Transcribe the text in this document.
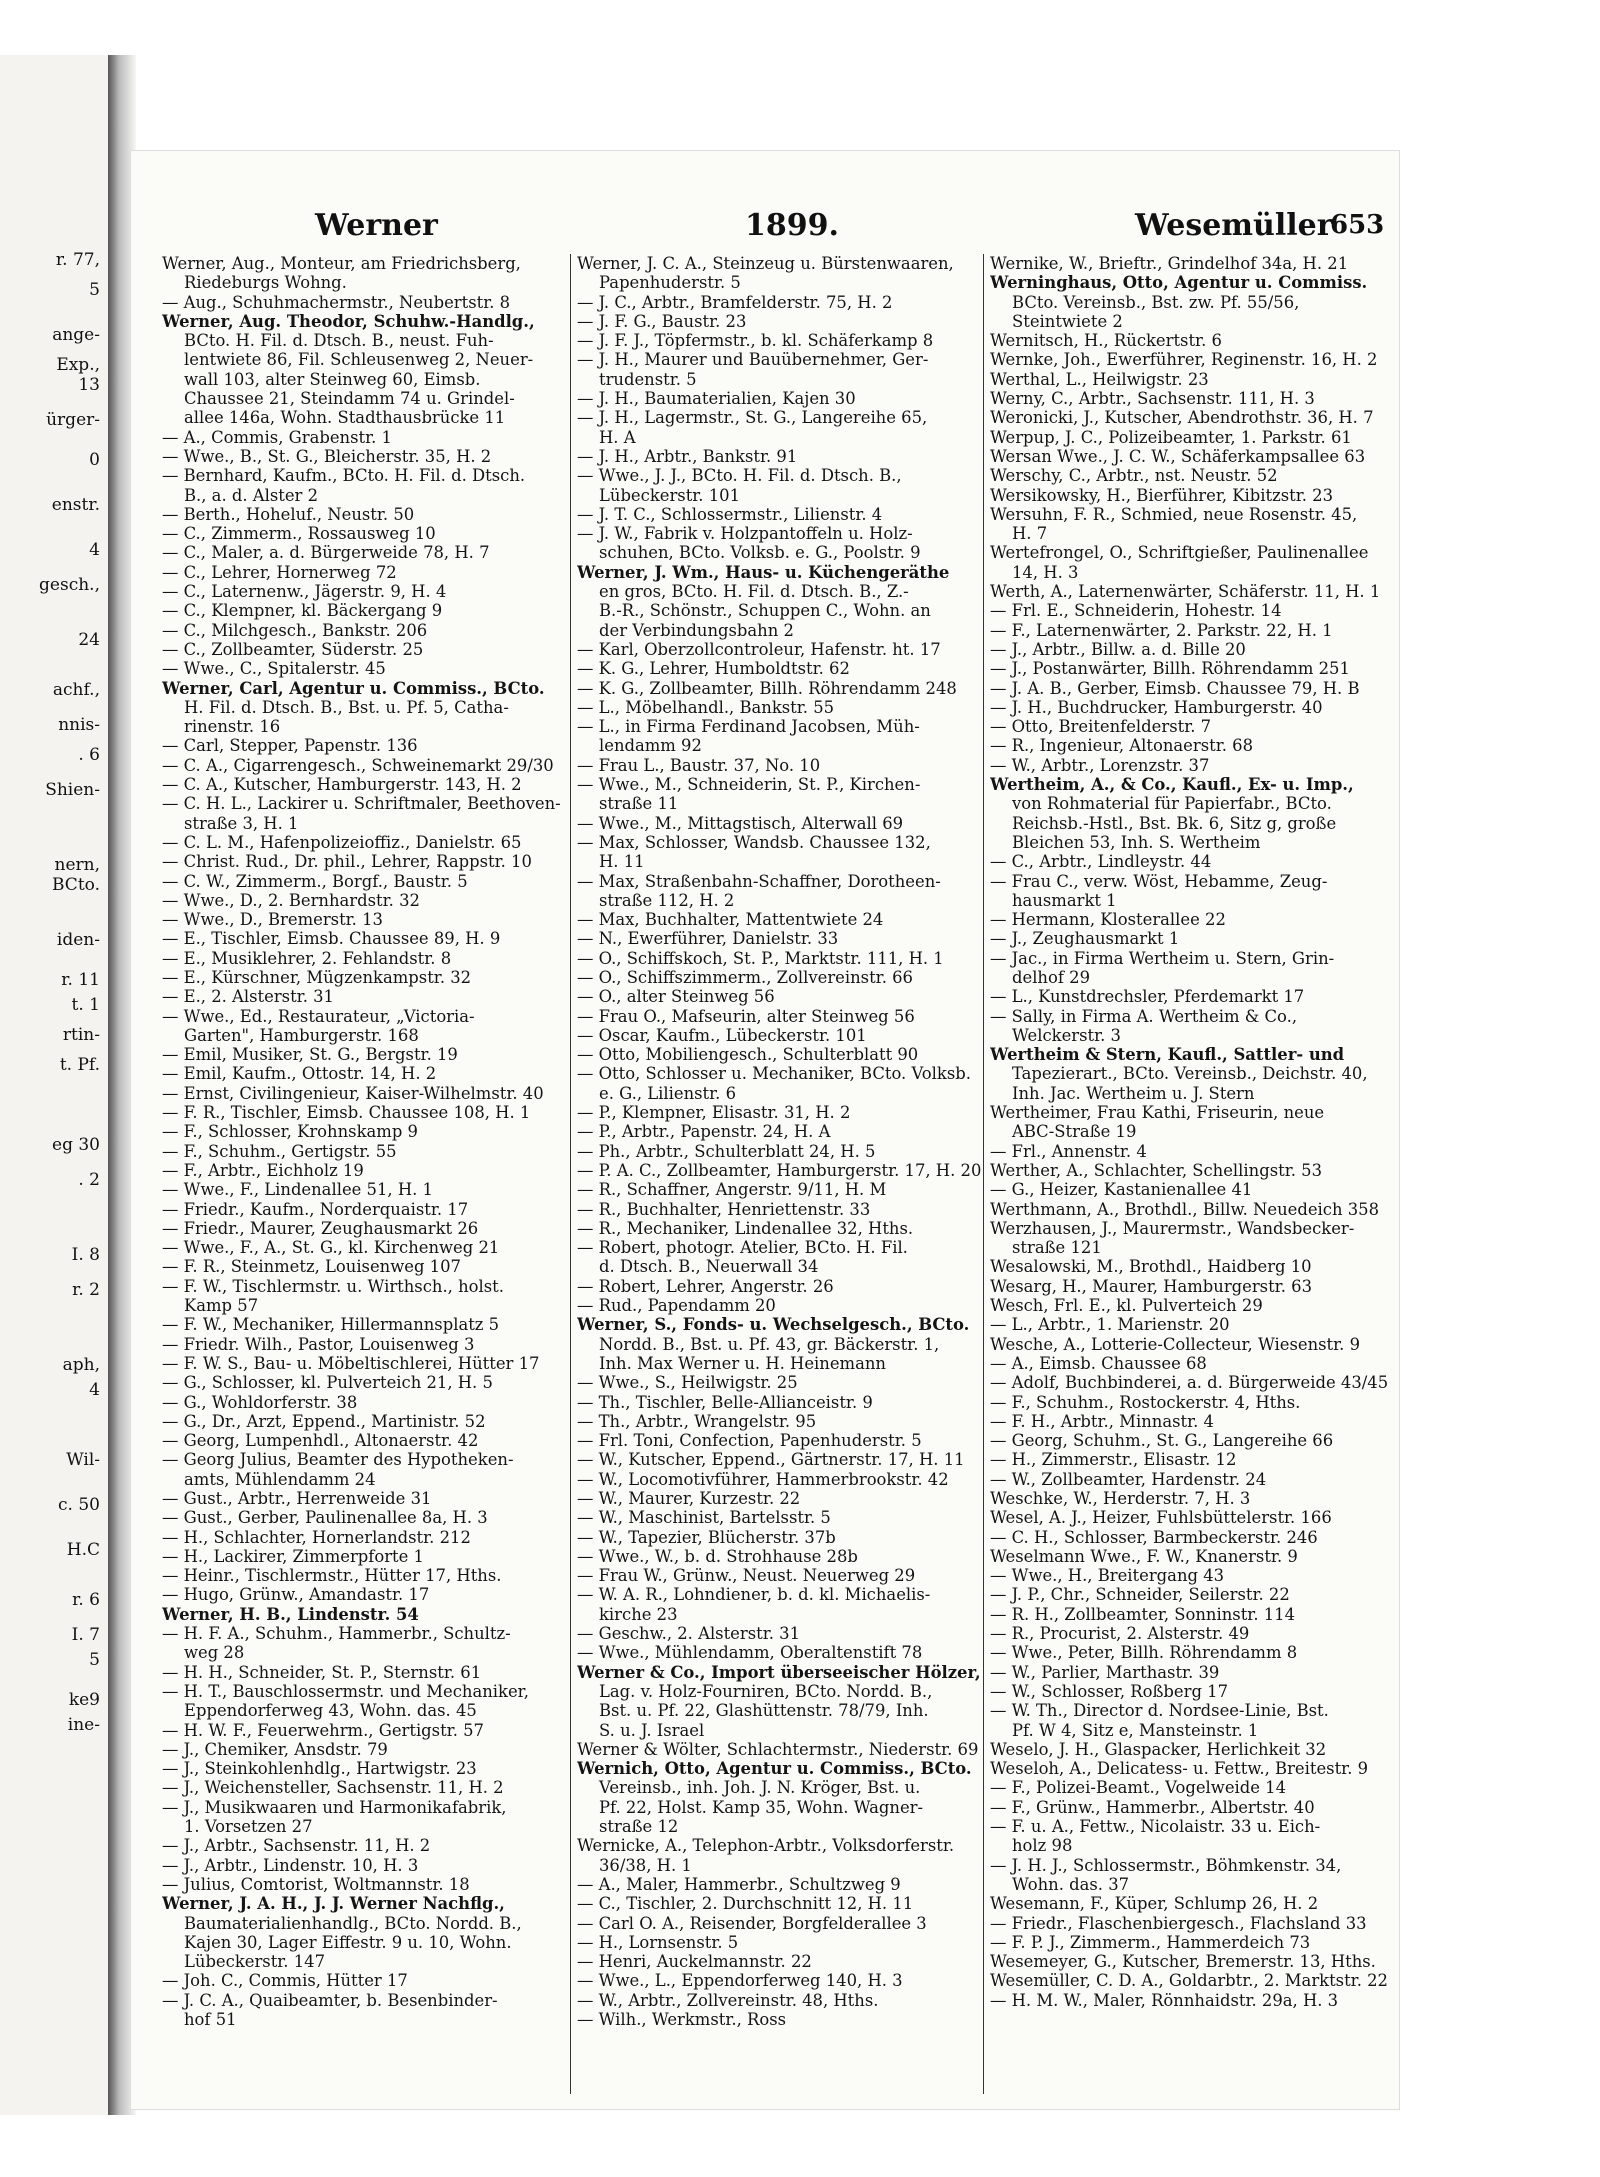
r. 77,
5
ange-
Exp.,
13
ürger-
0
enstr.
4
gesch.,
24
achf.,
nnis-
. 6
Shien-
nern,
BCto.
iden-
r. 11
t. 1
rtin-
t. Pf.
eg 30
. 2
I. 8
r. 2
aph,
4
Wil-
c. 50
H.C
r. 6
I. 7
5
ke9
ine-
Werner	1899.	Wesemüller
653
Werner, Aug., Monteur, am Friedrichsberg,
Riedeburgs Wohng.
— Aug., Schuhmachermstr., Neubertstr. 8
Werner, Aug. Theodor, Schuhw.-Handlg.,
BCto. H. Fil. d. Dtsch. B., neust. Fuh-
lentwiete 86, Fil. Schleusenweg 2, Neuer-
wall 103, alter Steinweg 60, Eimsb.
Chaussee 21, Steindamm 74 u. Grindel-
allee 146a, Wohn. Stadthausbrücke 11
— A., Commis, Grabenstr. 1
— Wwe., B., St. G., Bleicherstr. 35, H. 2
— Bernhard, Kaufm., BCto. H. Fil. d. Dtsch.
B., a. d. Alster 2
— Berth., Hoheluf., Neustr. 50
— C., Zimmerm., Rossausweg 10
— C., Maler, a. d. Bürgerweide 78, H. 7
— C., Lehrer, Hornerweg 72
— C., Laternenw., Jägerstr. 9, H. 4
— C., Klempner, kl. Bäckergang 9
— C., Milchgesch., Bankstr. 206
— C., Zollbeamter, Süderstr. 25
— Wwe., C., Spitalerstr. 45
Werner, Carl, Agentur u. Commiss., BCto.
H. Fil. d. Dtsch. B., Bst. u. Pf. 5, Catha-
rinenstr. 16
— Carl, Stepper, Papenstr. 136
— C. A., Cigarrengesch., Schweinemarkt 29/30
— C. A., Kutscher, Hamburgerstr. 143, H. 2
— C. H. L., Lackirer u. Schriftmaler, Beethoven-
straße 3, H. 1
— C. L. M., Hafenpolizeioffiz., Danielstr. 65
— Christ. Rud., Dr. phil., Lehrer, Rappstr. 10
— C. W., Zimmerm., Borgf., Baustr. 5
— Wwe., D., 2. Bernhardstr. 32
— Wwe., D., Bremerstr. 13
— E., Tischler, Eimsb. Chaussee 89, H. 9
— E., Musiklehrer, 2. Fehlandstr. 8
— E., Kürschner, Mügzenkampstr. 32
— E., 2. Alsterstr. 31
— Wwe., Ed., Restaurateur, „Victoria-
Garten", Hamburgerstr. 168
— Emil, Musiker, St. G., Bergstr. 19
— Emil, Kaufm., Ottostr. 14, H. 2
— Ernst, Civilingenieur, Kaiser-Wilhelmstr. 40
— F. R., Tischler, Eimsb. Chaussee 108, H. 1
— F., Schlosser, Krohnskamp 9
— F., Schuhm., Gertigstr. 55
— F., Arbtr., Eichholz 19
— Wwe., F., Lindenallee 51, H. 1
— Friedr., Kaufm., Norderquaistr. 17
— Friedr., Maurer, Zeughausmarkt 26
— Wwe., F., A., St. G., kl. Kirchenweg 21
— F. R., Steinmetz, Louisenweg 107
— F. W., Tischlermstr. u. Wirthsch., holst.
Kamp 57
— F. W., Mechaniker, Hillermannsplatz 5
— Friedr. Wilh., Pastor, Louisenweg 3
— F. W. S., Bau- u. Möbeltischlerei, Hütter 17
— G., Schlosser, kl. Pulverteich 21, H. 5
— G., Wohldorferstr. 38
— G., Dr., Arzt, Eppend., Martinistr. 52
— Georg, Lumpenhdl., Altonaerstr. 42
— Georg Julius, Beamter des Hypotheken-
amts, Mühlendamm 24
— Gust., Arbtr., Herrenweide 31
— Gust., Gerber, Paulinenallee 8a, H. 3
— H., Schlachter, Hornerlandstr. 212
— H., Lackirer, Zimmerpforte 1
— Heinr., Tischlermstr., Hütter 17, Hths.
— Hugo, Grünw., Amandastr. 17
Werner, H. B., Lindenstr. 54
— H. F. A., Schuhm., Hammerbr., Schultz-
weg 28
— H. H., Schneider, St. P., Sternstr. 61
— H. T., Bauschlossermstr. und Mechaniker,
Eppendorferweg 43, Wohn. das. 45
— H. W. F., Feuerwehrm., Gertigstr. 57
— J., Chemiker, Ansdstr. 79
— J., Steinkohlenhdlg., Hartwigstr. 23
— J., Weichensteller, Sachsenstr. 11, H. 2
— J., Musikwaaren und Harmonikafabrik,
1. Vorsetzen 27
— J., Arbtr., Sachsenstr. 11, H. 2
— J., Arbtr., Lindenstr. 10, H. 3
— Julius, Comtorist, Woltmannstr. 18
Werner, J. A. H., J. J. Werner Nachflg.,
Baumaterialienhandlg., BCto. Nordd. B.,
Kajen 30, Lager Eiffestr. 9 u. 10, Wohn.
Lübeckerstr. 147
— Joh. C., Commis, Hütter 17
— J. C. A., Quaibeamter, b. Besenbinder-
hof 51
Werner, J. C. A., Steinzeug u. Bürstenwaaren,
Papenhuderstr. 5
— J. C., Arbtr., Bramfelderstr. 75, H. 2
— J. F. G., Baustr. 23
— J. F. J., Töpfermstr., b. kl. Schäferkamp 8
— J. H., Maurer und Bauübernehmer, Ger-
trudenstr. 5
— J. H., Baumaterialien, Kajen 30
— J. H., Lagermstr., St. G., Langereihe 65,
H. A
— J. H., Arbtr., Bankstr. 91
— Wwe., J. J., BCto. H. Fil. d. Dtsch. B.,
Lübeckerstr. 101
— J. T. C., Schlossermstr., Lilienstr. 4
— J. W., Fabrik v. Holzpantoffeln u. Holz-
schuhen, BCto. Volksb. e. G., Poolstr. 9
Werner, J. Wm., Haus- u. Küchengeräthe
en gros, BCto. H. Fil. d. Dtsch. B., Z.-
B.-R., Schönstr., Schuppen C., Wohn. an
der Verbindungsbahn 2
— Karl, Oberzollcontroleur, Hafenstr. ht. 17
— K. G., Lehrer, Humboldtstr. 62
— K. G., Zollbeamter, Billh. Röhrendamm 248
— L., Möbelhandl., Bankstr. 55
— L., in Firma Ferdinand Jacobsen, Müh-
lendamm 92
— Frau L., Baustr. 37, No. 10
— Wwe., M., Schneiderin, St. P., Kirchen-
straße 11
— Wwe., M., Mittagstisch, Alterwall 69
— Max, Schlosser, Wandsb. Chaussee 132,
H. 11
— Max, Straßenbahn-Schaffner, Dorotheen-
straße 112, H. 2
— Max, Buchhalter, Mattentwiete 24
— N., Ewerführer, Danielstr. 33
— O., Schiffskoch, St. P., Marktstr. 111, H. 1
— O., Schiffszimmerm., Zollvereinstr. 66
— O., alter Steinweg 56
— Frau O., Mafseurin, alter Steinweg 56
— Oscar, Kaufm., Lübeckerstr. 101
— Otto, Mobiliengesch., Schulterblatt 90
— Otto, Schlosser u. Mechaniker, BCto. Volksb.
e. G., Lilienstr. 6
— P., Klempner, Elisastr. 31, H. 2
— P., Arbtr., Papenstr. 24, H. A
— Ph., Arbtr., Schulterblatt 24, H. 5
— P. A. C., Zollbeamter, Hamburgerstr. 17, H. 20
— R., Schaffner, Angerstr. 9/11, H. M
— R., Buchhalter, Henriettenstr. 33
— R., Mechaniker, Lindenallee 32, Hths.
— Robert, photogr. Atelier, BCto. H. Fil.
d. Dtsch. B., Neuerwall 34
— Robert, Lehrer, Angerstr. 26
— Rud., Papendamm 20
Werner, S., Fonds- u. Wechselgesch., BCto.
Nordd. B., Bst. u. Pf. 43, gr. Bäckerstr. 1,
Inh. Max Werner u. H. Heinemann
— Wwe., S., Heilwigstr. 25
— Th., Tischler, Belle-Allianceistr. 9
— Th., Arbtr., Wrangelstr. 95
— Frl. Toni, Confection, Papenhuderstr. 5
— W., Kutscher, Eppend., Gärtnerstr. 17, H. 11
— W., Locomotivführer, Hammerbrookstr. 42
— W., Maurer, Kurzestr. 22
— W., Maschinist, Bartelsstr. 5
— W., Tapezier, Blücherstr. 37b
— Wwe., W., b. d. Strohhause 28b
— Frau W., Grünw., Neust. Neuerweg 29
— W. A. R., Lohndiener, b. d. kl. Michaelis-
kirche 23
— Geschw., 2. Alsterstr. 31
— Wwe., Mühlendamm, Oberaltenstift 78
Werner & Co., Import überseeischer Hölzer,
Lag. v. Holz-Fourniren, BCto. Nordd. B.,
Bst. u. Pf. 22, Glashüttenstr. 78/79, Inh.
S. u. J. Israel
Werner & Wölter, Schlachtermstr., Niederstr. 69
Wernich, Otto, Agentur u. Commiss., BCto.
Vereinsb., inh. Joh. J. N. Kröger, Bst. u.
Pf. 22, Holst. Kamp 35, Wohn. Wagner-
straße 12
Wernicke, A., Telephon-Arbtr., Volksdorferstr.
36/38, H. 1
— A., Maler, Hammerbr., Schultzweg 9
— C., Tischler, 2. Durchschnitt 12, H. 11
— Carl O. A., Reisender, Borgfelderallee 3
— H., Lornsenstr. 5
— Henri, Auckelmannstr. 22
— Wwe., L., Eppendorferweg 140, H. 3
— W., Arbtr., Zollvereinstr. 48, Hths.
— Wilh., Werkmstr., Ross
Wernike, W., Brieftr., Grindelhof 34a, H. 21
Werninghaus, Otto, Agentur u. Commiss.
BCto. Vereinsb., Bst. zw. Pf. 55/56,
Steintwiete 2
Wernitsch, H., Rückertstr. 6
Wernke, Joh., Ewerführer, Reginenstr. 16, H. 2
Werthal, L., Heilwigstr. 23
Werny, C., Arbtr., Sachsenstr. 111, H. 3
Weronicki, J., Kutscher, Abendrothstr. 36, H. 7
Werpup, J. C., Polizeibeamter, 1. Parkstr. 61
Wersan Wwe., J. C. W., Schäferkampsallee 63
Werschy, C., Arbtr., nst. Neustr. 52
Wersikowsky, H., Bierführer, Kibitzstr. 23
Wersuhn, F. R., Schmied, neue Rosenstr. 45,
H. 7
Wertefrongel, O., Schriftgießer, Paulinenallee
14, H. 3
Werth, A., Laternenwärter, Schäferstr. 11, H. 1
— Frl. E., Schneiderin, Hohestr. 14
— F., Laternenwärter, 2. Parkstr. 22, H. 1
— J., Arbtr., Billw. a. d. Bille 20
— J., Postanwärter, Billh. Röhrendamm 251
— J. A. B., Gerber, Eimsb. Chaussee 79, H. B
— J. H., Buchdrucker, Hamburgerstr. 40
— Otto, Breitenfelderstr. 7
— R., Ingenieur, Altonaerstr. 68
— W., Arbtr., Lorenzstr. 37
Wertheim, A., & Co., Kaufl., Ex- u. Imp.,
von Rohmaterial für Papierfabr., BCto.
Reichsb.-Hstl., Bst. Bk. 6, Sitz g, große
Bleichen 53, Inh. S. Wertheim
— C., Arbtr., Lindleystr. 44
— Frau C., verw. Wöst, Hebamme, Zeug-
hausmarkt 1
— Hermann, Klosterallee 22
— J., Zeughausmarkt 1
— Jac., in Firma Wertheim u. Stern, Grin-
delhof 29
— L., Kunstdrechsler, Pferdemarkt 17
— Sally, in Firma A. Wertheim & Co.,
Welckerstr. 3
Wertheim & Stern, Kaufl., Sattler- und
Tapezierart., BCto. Vereinsb., Deichstr. 40,
Inh. Jac. Wertheim u. J. Stern
Wertheimer, Frau Kathi, Friseurin, neue
ABC-Straße 19
— Frl., Annenstr. 4
Werther, A., Schlachter, Schellingstr. 53
— G., Heizer, Kastanienallee 41
Werthmann, A., Brothdl., Billw. Neuedeich 358
Werzhausen, J., Maurermstr., Wandsbecker-
straße 121
Wesalowski, M., Brothdl., Haidberg 10
Wesarg, H., Maurer, Hamburgerstr. 63
Wesch, Frl. E., kl. Pulverteich 29
— L., Arbtr., 1. Marienstr. 20
Wesche, A., Lotterie-Collecteur, Wiesenstr. 9
— A., Eimsb. Chaussee 68
— Adolf, Buchbinderei, a. d. Bürgerweide 43/45
— F., Schuhm., Rostockerstr. 4, Hths.
— F. H., Arbtr., Minnastr. 4
— Georg, Schuhm., St. G., Langereihe 66
— H., Zimmerstr., Elisastr. 12
— W., Zollbeamter, Hardenstr. 24
Weschke, W., Herderstr. 7, H. 3
Wesel, A. J., Heizer, Fuhlsbüttelerstr. 166
— C. H., Schlosser, Barmbeckerstr. 246
Weselmann Wwe., F. W., Knanerstr. 9
— Wwe., H., Breitergang 43
— J. P., Chr., Schneider, Seilerstr. 22
— R. H., Zollbeamter, Sonninstr. 114
— R., Procurist, 2. Alsterstr. 49
— Wwe., Peter, Billh. Röhrendamm 8
— W., Parlier, Marthastr. 39
— W., Schlosser, Roßberg 17
— W. Th., Director d. Nordsee-Linie, Bst.
Pf. W 4, Sitz e, Mansteinstr. 1
Weselo, J. H., Glaspacker, Herlichkeit 32
Weseloh, A., Delicatess- u. Fettw., Breitestr. 9
— F., Polizei-Beamt., Vogelweide 14
— F., Grünw., Hammerbr., Albertstr. 40
— F. u. A., Fettw., Nicolaistr. 33 u. Eich-
holz 98
— J. H. J., Schlossermstr., Böhmkenstr. 34,
Wohn. das. 37
Wesemann, F., Küper, Schlump 26, H. 2
— Friedr., Flaschenbiergesch., Flachsland 33
— F. P. J., Zimmerm., Hammerdeich 73
Wesemeyer, G., Kutscher, Bremerstr. 13, Hths.
Wesemüller, C. D. A., Goldarbtr., 2. Marktstr. 22
— H. M. W., Maler, Rönnhaidstr. 29a, H. 3
